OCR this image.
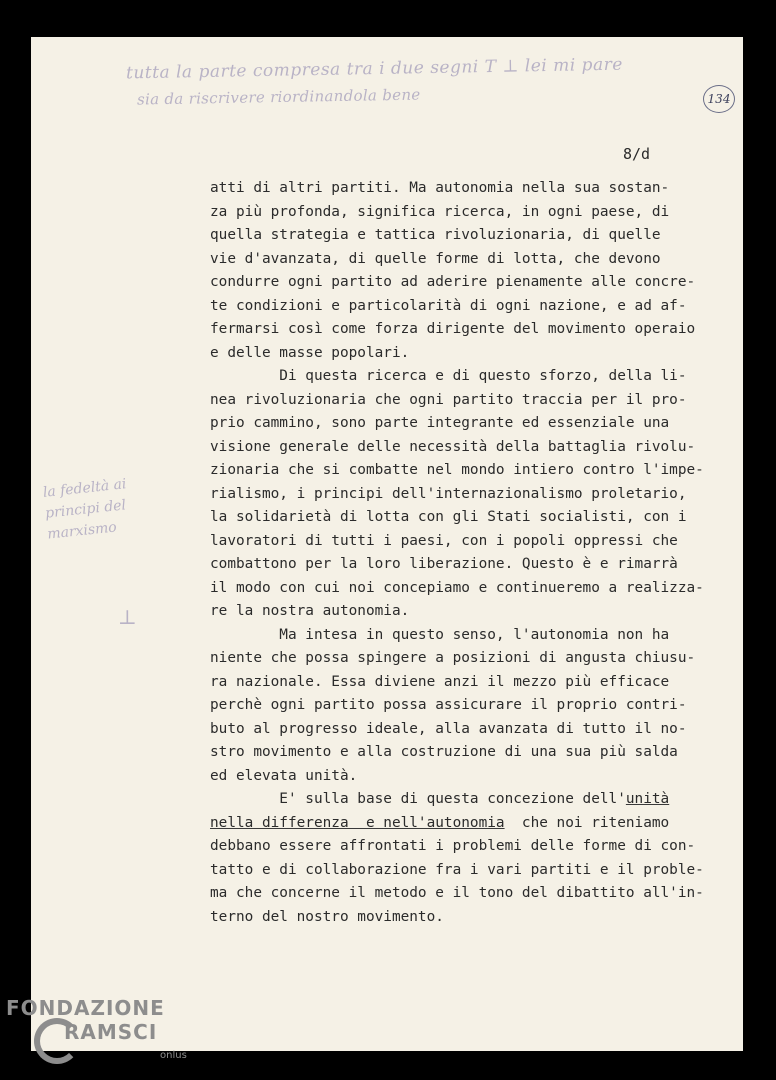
tutta la parte compresa tra i due segni T ⊥ lei mi pare
sia da riscrivere riordinandola bene	134
8/d
la fedeltà ai principi del marxismo
⊥
atti di altri partiti. Ma autonomia nella sua sostan-
za più profonda, significa ricerca, in ogni paese, di
quella strategia e tattica rivoluzionaria, di quelle
vie d'avanzata, di quelle forme di lotta, che devono
condurre ogni partito ad aderire pienamente alle concre-
te condizioni e particolarità di ogni nazione, e ad af-
fermarsi così come forza dirigente del movimento operaio
e delle masse popolari.
Di questa ricerca e di questo sforzo, della li-
nea rivoluzionaria che ogni partito traccia per il pro-
prio cammino, sono parte integrante ed essenziale una
visione generale delle necessità della battaglia rivolu-
zionaria che si combatte nel mondo intiero contro l'impe-
rialismo, i principi dell'internazionalismo proletario,
la solidarietà di lotta con gli Stati socialisti, con i
lavoratori di tutti i paesi, con i popoli oppressi che
combattono per la loro liberazione. Questo è e rimarrà
il modo con cui noi concepiamo e continueremo a realizza-
re la nostra autonomia.
Ma intesa in questo senso, l'autonomia non ha
niente che possa spingere a posizioni di angusta chiusu-
ra nazionale. Essa diviene anzi il mezzo più efficace
perchè ogni partito possa assicurare il proprio contri-
buto al progresso ideale, alla avanzata di tutto il no-
stro movimento e alla costruzione di una sua più salda
ed elevata unità.
E' sulla base di questa concezione dell'unità
nella differenza  e nell'autonomia  che noi riteniamo
debbano essere affrontati i problemi delle forme di con-
tatto e di collaborazione fra i vari partiti e il proble-
ma che concerne il metodo e il tono del dibattito all'in-
terno del nostro movimento.
FONDAZIONE
RAMSCI
onlus
